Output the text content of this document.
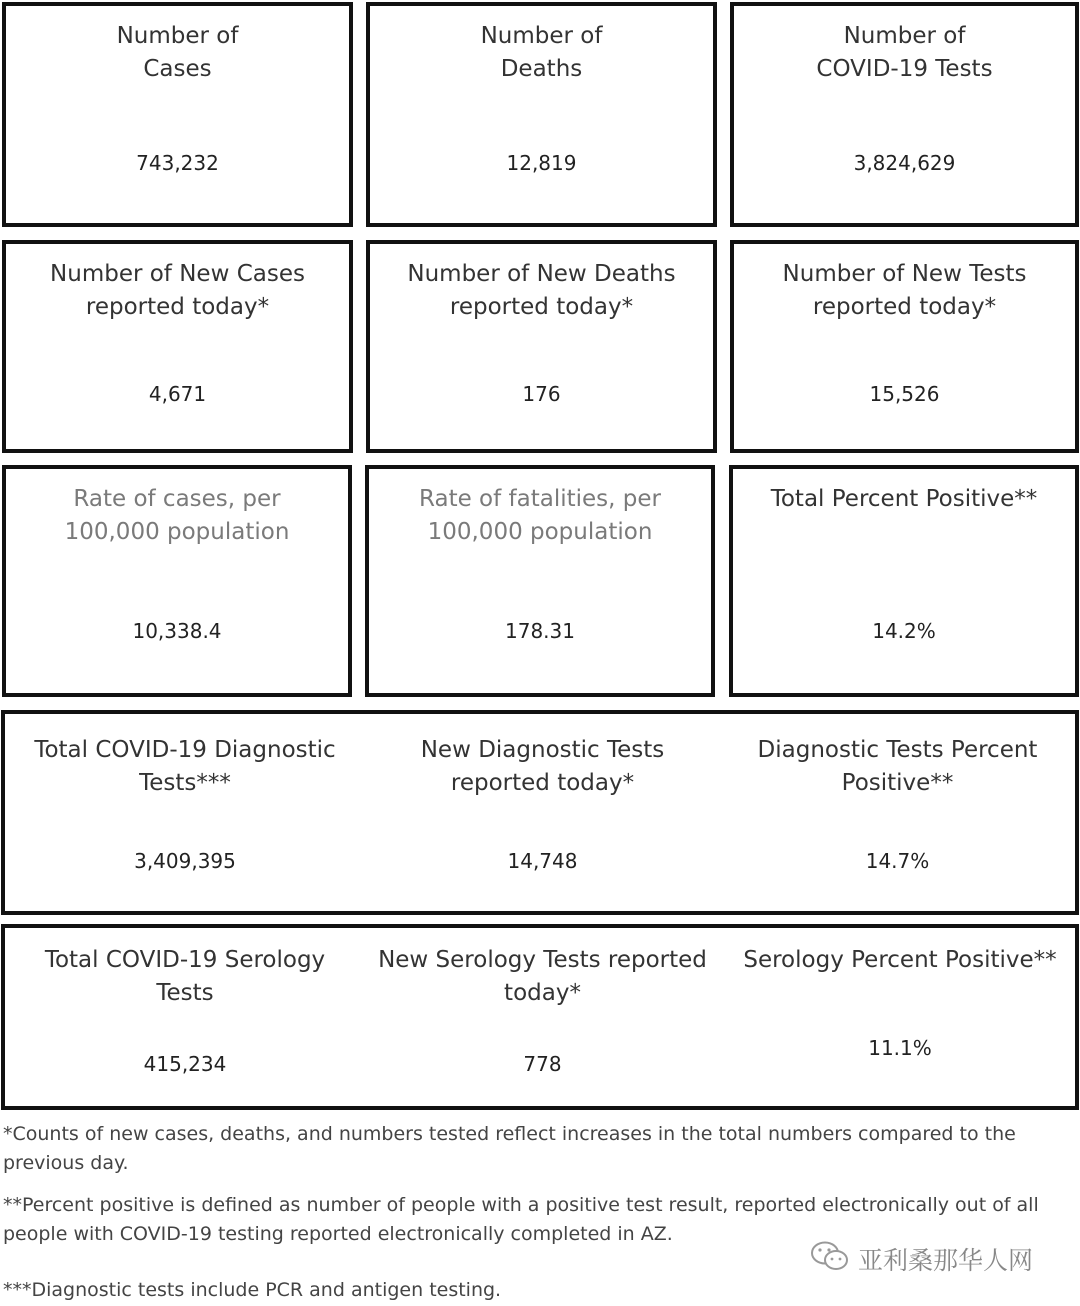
Number of Cases
743,232
Number of Deaths
12,819
Number of COVID-19 Tests
3,824,629
Number of New Cases reported today*
4,671
Number of New Deaths reported today*
176
Number of New Tests reported today*
15,526
Rate of cases, per 100,000 population
10,338.4
Rate of fatalities, per 100,000 population
178.31
Total Percent Positive**
14.2%
Total COVID-19 Diagnostic Tests***
3,409,395
New Diagnostic Tests reported today*
14,748
Diagnostic Tests Percent Positive**
14.7%
Total COVID-19 Serology Tests
415,234
New Serology Tests reported today*
778
Serology Percent Positive**
11.1%
*Counts of new cases, deaths, and numbers tested reflect increases in the total numbers compared to the previous day.
**Percent positive is defined as number of people with a positive test result, reported electronically out of all people with COVID-19 testing reported electronically completed in AZ.
***Diagnostic tests include PCR and antigen testing.
亚利桑那华人网
